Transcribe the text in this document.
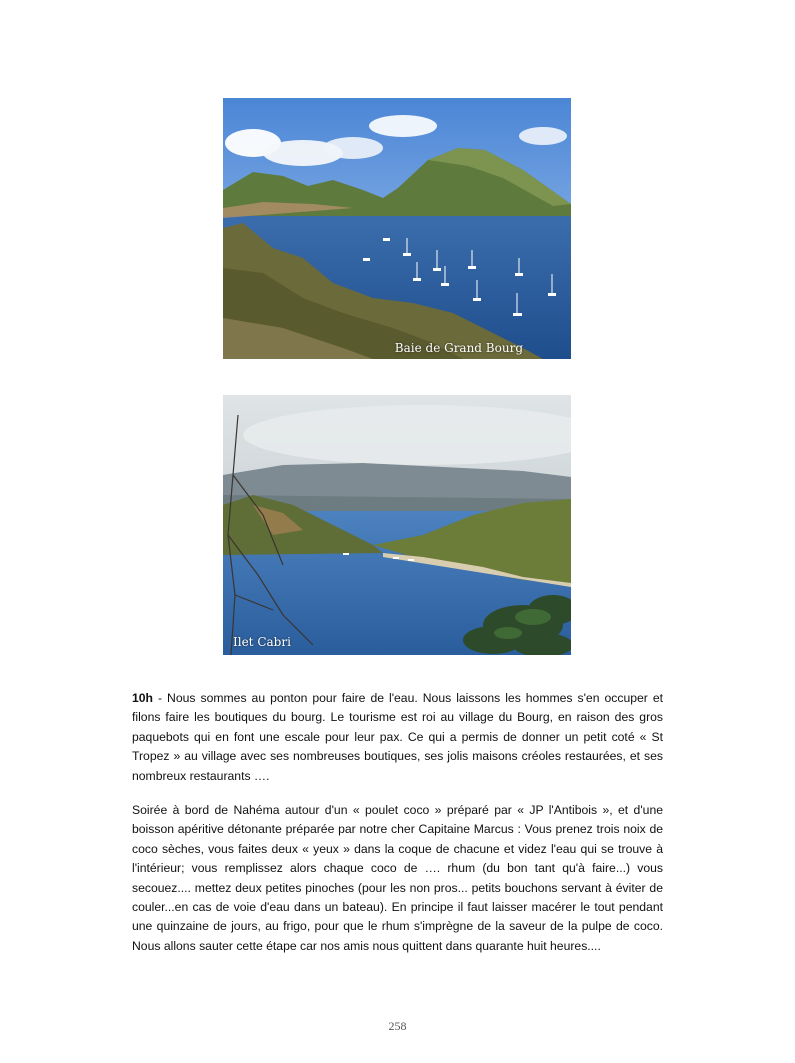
Baie de Grand Bourg
Ilet Cabri
10h - Nous sommes au ponton pour faire de l'eau. Nous laissons les hommes s'en occuper et filons faire les boutiques du bourg. Le tourisme est roi au village du Bourg, en raison des gros paquebots qui en font une escale pour leur pax. Ce qui a permis de donner un petit coté « St Tropez » au village avec ses nombreuses boutiques, ses jolis maisons créoles restaurées, et ses nombreux restaurants ….
Soirée à bord de Nahéma autour d'un « poulet coco » préparé par « JP l'Antibois », et d'une boisson apéritive détonante préparée par notre cher Capitaine Marcus : Vous prenez trois noix de coco sèches, vous faites deux « yeux » dans la coque de chacune et videz l'eau qui se trouve à l'intérieur; vous remplissez alors chaque coco de …. rhum (du bon tant qu'à faire...) vous secouez.... mettez deux petites pinoches (pour les non pros... petits bouchons servant à éviter de couler...en cas de voie d'eau dans un bateau). En principe il faut laisser macérer le tout pendant une quinzaine de jours, au frigo, pour que le rhum s'imprègne de la saveur de la pulpe de coco. Nous allons sauter cette étape car nos amis nous quittent dans quarante huit heures....
258
